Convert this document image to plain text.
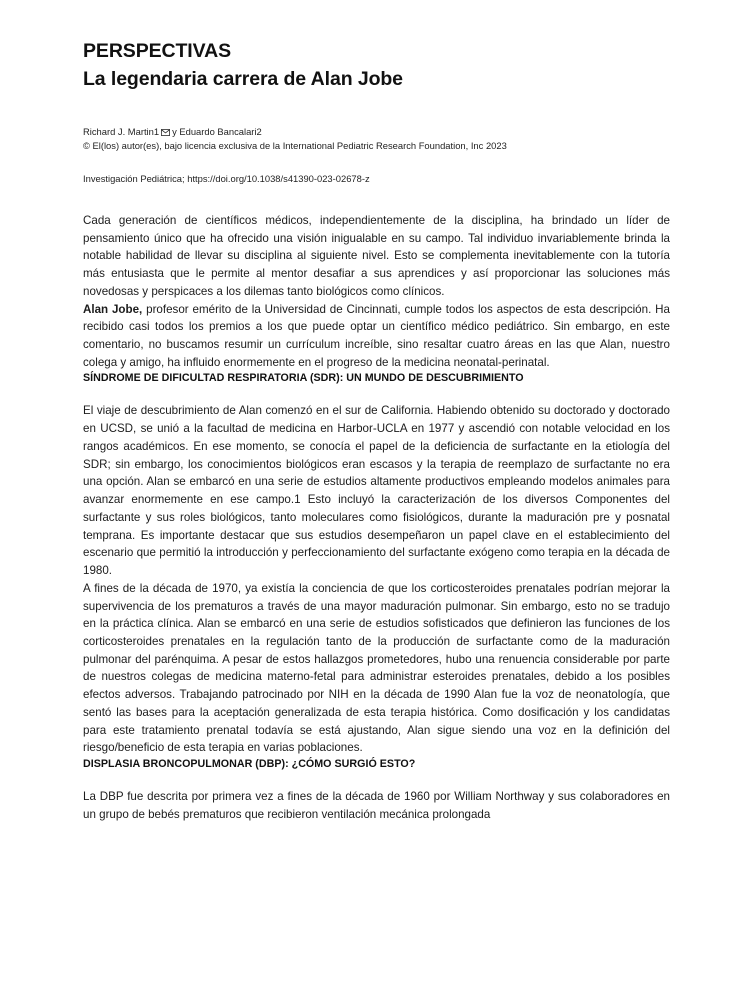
PERSPECTIVAS
La legendaria carrera de Alan Jobe
Richard J. Martin1 y Eduardo Bancalari2
© El(los) autor(es), bajo licencia exclusiva de la International Pediatric Research Foundation, Inc 2023
Investigación Pediátrica; https://doi.org/10.1038/s41390-023-02678-z

Cada generación de científicos médicos, independientemente de la disciplina, ha brindado un líder de pensamiento único que ha ofrecido una visión inigualable en su campo. Tal individuo invariablemente brinda la notable habilidad de llevar su disciplina al siguiente nivel. Esto se complementa inevitablemente con la tutoría más entusiasta que le permite al mentor desafiar a sus aprendices y así proporcionar las soluciones más novedosas y perspicaces a los dilemas tanto biológicos como clínicos.

Alan Jobe, profesor emérito de la Universidad de Cincinnati, cumple todos los aspectos de esta descripción. Ha recibido casi todos los premios a los que puede optar un científico médico pediátrico. Sin embargo, en este comentario, no buscamos resumir un currículum increíble, sino resaltar cuatro áreas en las que Alan, nuestro colega y amigo, ha influido enormemente en el progreso de la medicina neonatal-perinatal.

SÍNDROME DE DIFICULTAD RESPIRATORIA (SDR): UN MUNDO DE DESCUBRIMIENTO

El viaje de descubrimiento de Alan comenzó en el sur de California. Habiendo obtenido su doctorado y doctorado en UCSD, se unió a la facultad de medicina en Harbor-UCLA en 1977 y ascendió con notable velocidad en los rangos académicos. En ese momento, se conocía el papel de la deficiencia de surfactante en la etiología del SDR; sin embargo, los conocimientos biológicos eran escasos y la terapia de reemplazo de surfactante no era una opción. Alan se embarcó en una serie de estudios altamente productivos empleando modelos animales para avanzar enormemente en ese campo.1 Esto incluyó la caracterización de los diversos Componentes del surfactante y sus roles biológicos, tanto moleculares como fisiológicos, durante la maduración pre y posnatal temprana. Es importante destacar que sus estudios desempeñaron un papel clave en el establecimiento del escenario que permitió la introducción y perfeccionamiento del surfactante exógeno como terapia en la década de 1980.

A fines de la década de 1970, ya existía la conciencia de que los corticosteroides prenatales podrían mejorar la supervivencia de los prematuros a través de una mayor maduración pulmonar. Sin embargo, esto no se tradujo en la práctica clínica. Alan se embarcó en una serie de estudios sofisticados que definieron las funciones de los corticosteroides prenatales en la regulación tanto de la producción de surfactante como de la maduración pulmonar del parénquima. A pesar de estos hallazgos prometedores, hubo una renuencia considerable por parte de nuestros colegas de medicina materno-fetal para administrar esteroides prenatales, debido a los posibles efectos adversos. Trabajando patrocinado por NIH en la década de 1990 Alan fue la voz de neonatología, que sentó las bases para la aceptación generalizada de esta terapia histórica. Como dosificación y los candidatas para este tratamiento prenatal todavía se está ajustando, Alan sigue siendo una voz en la definición del riesgo/beneficio de esta terapia en varias poblaciones.

DISPLASIA BRONCOPULMONAR (DBP): ¿CÓMO SURGIÓ ESTO?

La DBP fue descrita por primera vez a fines de la década de 1960 por William Northway y sus colaboradores en un grupo de bebés prematuros que recibieron ventilación mecánica prolongada
